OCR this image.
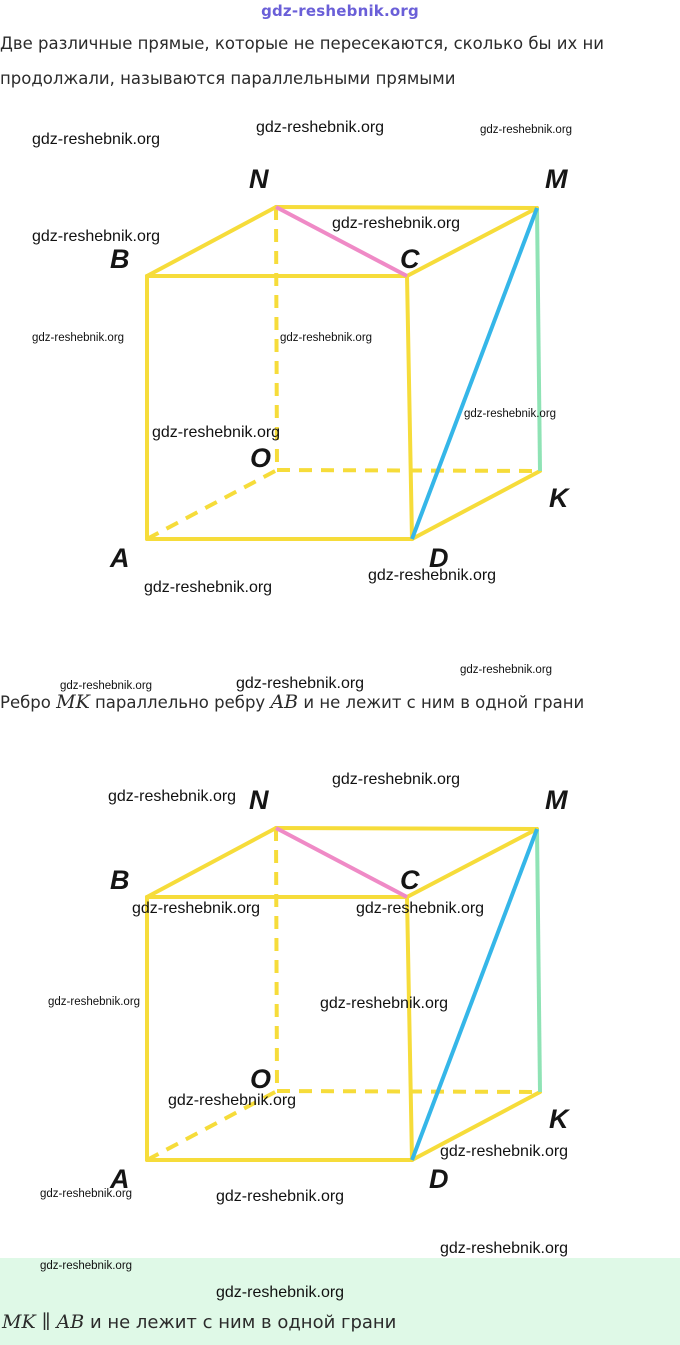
gdz-reshebnik.org
Две различные прямые, которые не пересекаются, сколько бы их ни
продолжали, называются параллельными прямыми
N	M
B	C
O
K
A	D
Ребро MK параллельно ребру AB и не лежит с ним в одной грани
N	M
B	C
O
K
A	D
MK ∥ AB и не лежит с ним в одной грани
gdz-reshebnik.org
gdz-reshebnik.org	gdz-reshebnik.org
gdz-reshebnik.org
gdz-reshebnik.org
gdz-reshebnik.org	gdz-reshebnik.org
gdz-reshebnik.org
gdz-reshebnik.org
gdz-reshebnik.org
gdz-reshebnik.org
gdz-reshebnik.org
gdz-reshebnik.org	gdz-reshebnik.org
gdz-reshebnik.org
gdz-reshebnik.org
gdz-reshebnik.org	gdz-reshebnik.org
gdz-reshebnik.org	gdz-reshebnik.org
gdz-reshebnik.org
gdz-reshebnik.org
gdz-reshebnik.org	gdz-reshebnik.org
gdz-reshebnik.org
gdz-reshebnik.org
gdz-reshebnik.org
